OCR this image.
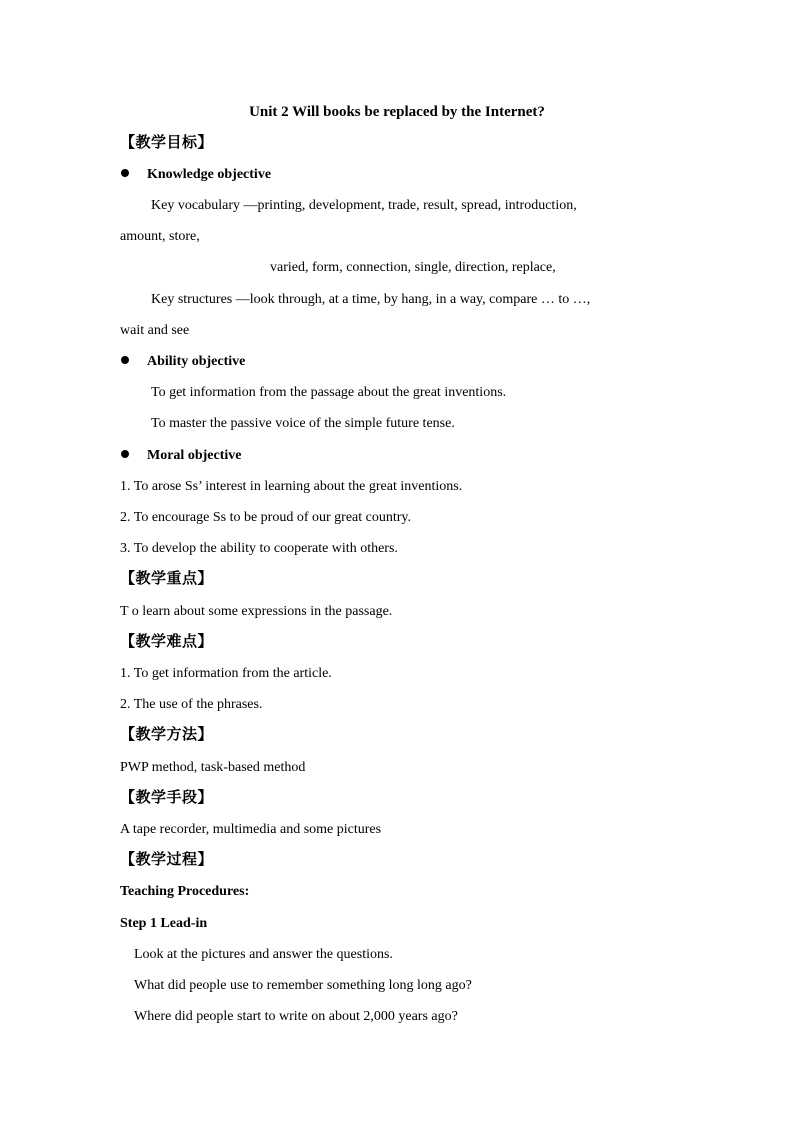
Unit 2 Will books be replaced by the Internet?

【教学目标】

Knowledge objective

Key vocabulary —printing, development, trade, result, spread, introduction,

amount, store,

varied, form, connection, single, direction, replace,

Key structures —look through, at a time, by hang, in a way, compare … to …,

wait and see

Ability objective

To get information from the passage about the great inventions.

To master the passive voice of the simple future tense.

Moral objective

1. To arose Ss’ interest in learning about the great inventions.

2. To encourage Ss to be proud of our great country.

3. To develop the ability to cooperate with others.

【教学重点】

T o learn about some expressions in the passage.

【教学难点】

1. To get information from the article.

2. The use of the phrases.

【教学方法】

PWP method, task-based method

【教学手段】

A tape recorder, multimedia and some pictures

【教学过程】

Teaching Procedures:

Step 1 Lead-in

Look at the pictures and answer the questions.

What did people use to remember something long long ago?

Where did people start to write on about 2,000 years ago?
